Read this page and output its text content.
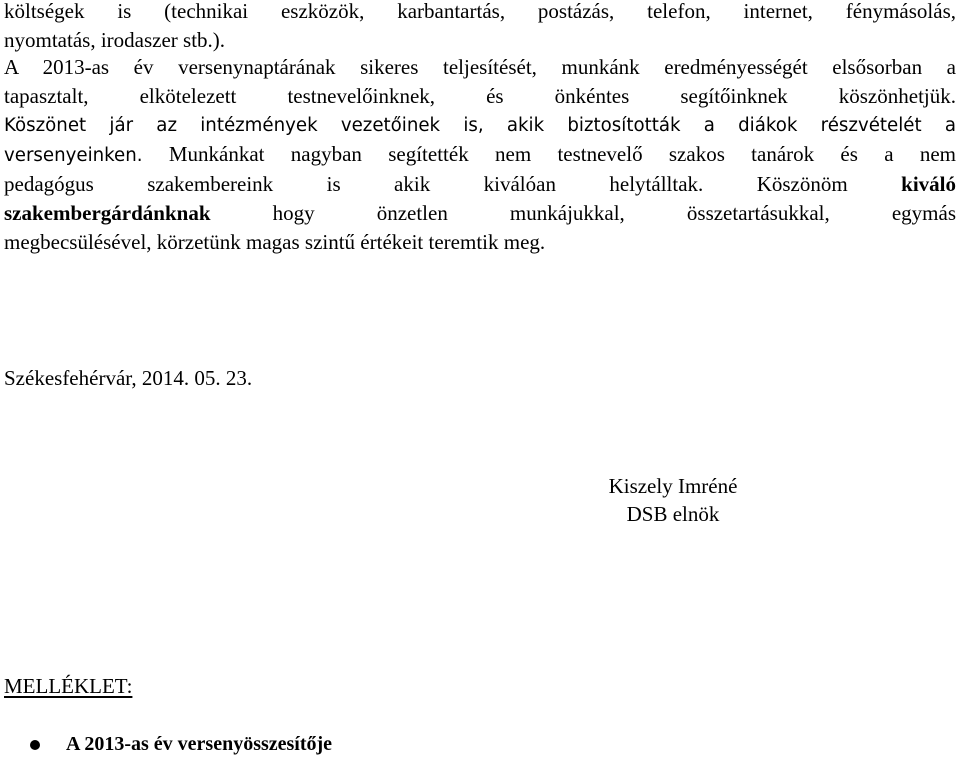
költségek is (technikai eszközök, karbantartás, postázás, telefon, internet, fénymásolás,
nyomtatás, irodaszer stb.).

A 2013-as év versenynaptárának sikeres teljesítését, munkánk eredményességét elsősorban a
tapasztalt, elkötelezett testnevelőinknek, és önkéntes segítőinknek köszönhetjük.

Köszönet jár az intézmények vezetőinek is, akik biztosították a diákok részvételét a
versenyeinken. Munkánkat nagyban segítették nem testnevelő szakos tanárok és a nem

pedagógus szakembereink is akik kiválóan helytálltak. Köszönöm kiváló
szakembergárdánknak hogy önzetlen munkájukkal, összetartásukkal, egymás
megbecsülésével, körzetünk magas szintű értékeit teremtik meg.

Székesfehérvár, 2014. 05. 23.

Kiszely Imréné

DSB elnök

MELLÉKLET:

A 2013-as év versenyösszesítője
